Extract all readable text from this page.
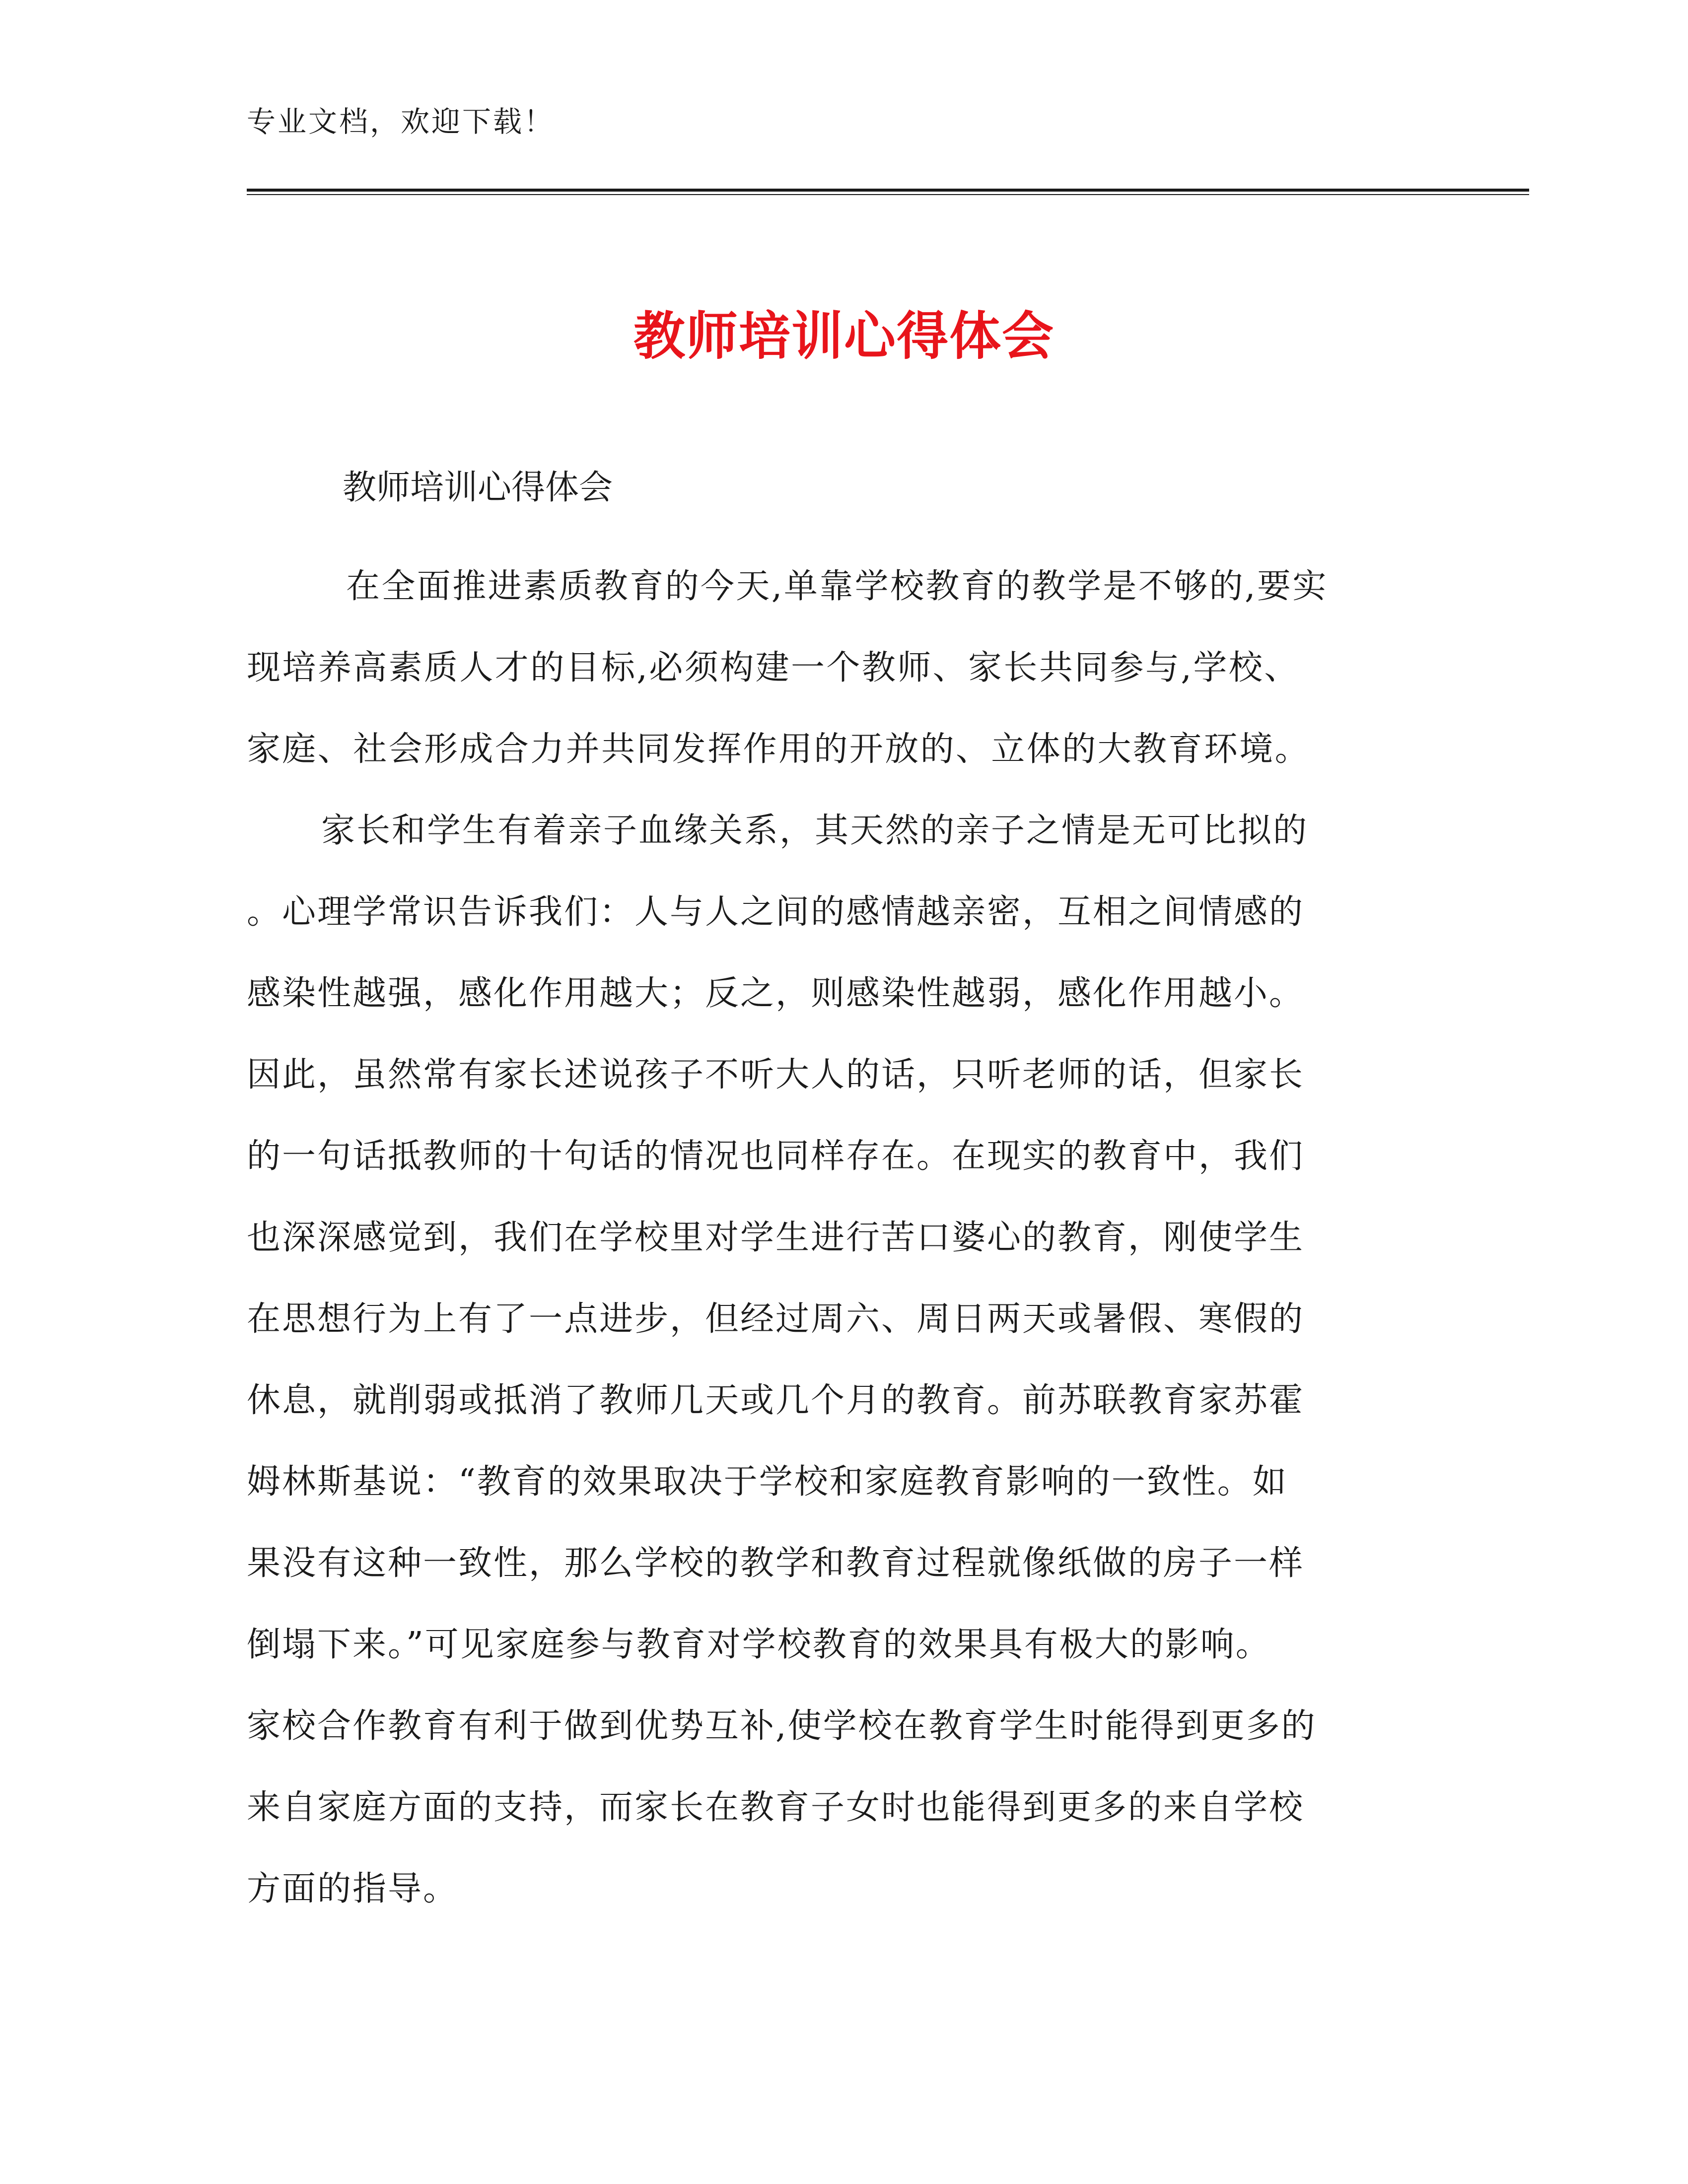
专业文档，欢迎下载！
教师培训心得体会
教师培训心得体会
在全面推进素质教育的今天,单靠学校教育的教学是不够的,要实
现培养高素质人才的目标,必须构建一个教师、家长共同参与,学校、
家庭、社会形成合力并共同发挥作用的开放的、立体的大教育环境。
家长和学生有着亲子血缘关系，其天然的亲子之情是无可比拟的
。心理学常识告诉我们：人与人之间的感情越亲密，互相之间情感的
感染性越强，感化作用越大；反之，则感染性越弱，感化作用越小。
因此，虽然常有家长述说孩子不听大人的话，只听老师的话，但家长
的一句话抵教师的十句话的情况也同样存在。在现实的教育中，我们
也深深感觉到，我们在学校里对学生进行苦口婆心的教育，刚使学生
在思想行为上有了一点进步，但经过周六、周日两天或暑假、寒假的
休息，就削弱或抵消了教师几天或几个月的教育。前苏联教育家苏霍
姆林斯基说：“教育的效果取决于学校和家庭教育影响的一致性。如
果没有这种一致性，那么学校的教学和教育过程就像纸做的房子一样
倒塌下来。”可见家庭参与教育对学校教育的效果具有极大的影响。
家校合作教育有利于做到优势互补,使学校在教育学生时能得到更多的
来自家庭方面的支持，而家长在教育子女时也能得到更多的来自学校
方面的指导。
